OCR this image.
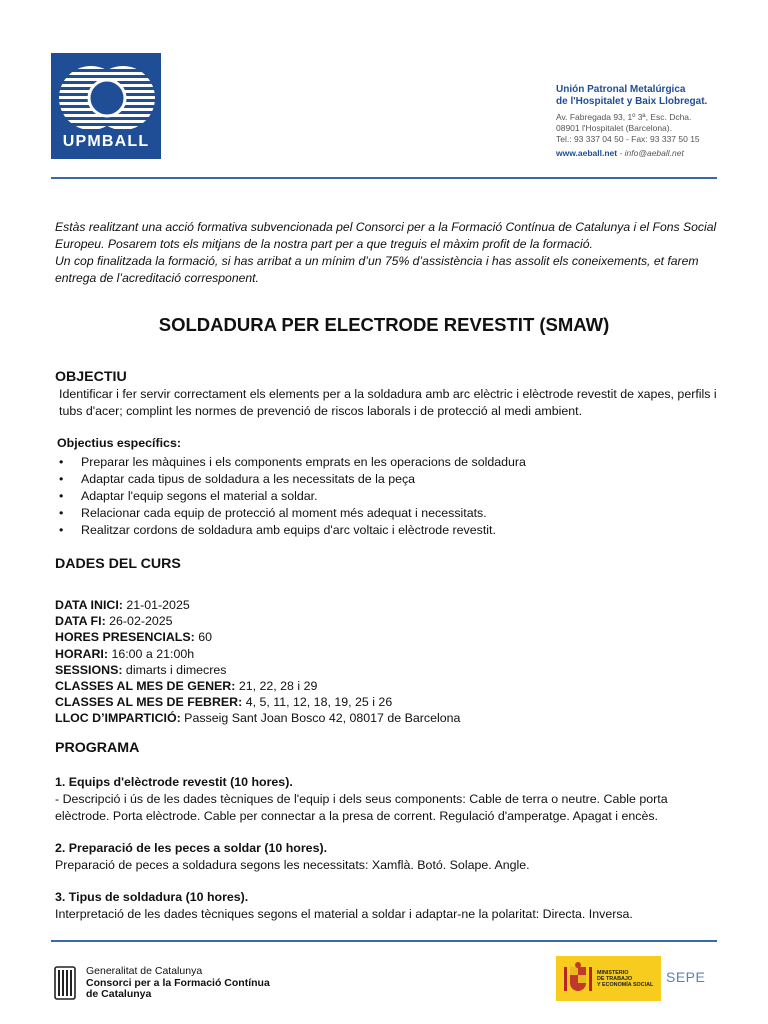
UPMBALL
Unión Patronal Metalúrgica
de l'Hospitalet y Baix Llobregat.
Av. Fabregada 93, 1º 3ª, Esc. Dcha.
08901 l'Hospitalet (Barcelona).
Tel.: 93 337 04 50 - Fax: 93 337 50 15
www.aeball.net - info@aeball.net

Estàs realitzant una acció formativa subvencionada pel Consorci per a la Formació Contínua de Catalunya i el Fons Social Europeu. Posarem tots els mitjans de la nostra part per a que treguis el màxim profit de la formació.

Un cop finalitzada la formació, si has arribat a un mínim d’un 75% d’assistència i has assolit els coneixements, et farem entrega de l’acreditació corresponent.

SOLDADURA PER ELECTRODE REVESTIT (SMAW)
OBJECTIU
Identificar i fer servir correctament els elements per a la soldadura amb arc elèctric i elèctrode revestit de xapes, perfils i tubs d'acer; complint les normes de prevenció de riscos laborals i de protecció al medi ambient.
Objectius específics:
• Preparar les màquines i els components emprats en les operacions de soldadura
• Adaptar cada tipus de soldadura a les necessitats de la peça
• Adaptar l'equip segons el material a soldar.
• Relacionar cada equip de protecció al moment més adequat i necessitats.
• Realitzar cordons de soldadura amb equips d'arc voltaic i elèctrode revestit.
DADES DEL CURS
DATA INICI: 21-01-2025
DATA FI: 26-02-2025
HORES PRESENCIALS: 60
HORARI: 16:00 a 21:00h
SESSIONS: dimarts i dimecres
CLASSES AL MES DE GENER: 21, 22, 28 i 29
CLASSES AL MES DE FEBRER: 4, 5, 11, 12, 18, 19, 25 i 26
LLOC D’IMPARTICIÓ: Passeig Sant Joan Bosco 42, 08017 de Barcelona
PROGRAMA
1. Equips d'elèctrode revestit (10 hores).
- Descripció i ús de les dades tècniques de l'equip i dels seus components: Cable de terra o neutre. Cable porta elèctrode. Porta elèctrode. Cable per connectar a la presa de corrent. Regulació d'amperatge. Apagat i encès.
2. Preparació de les peces a soldar (10 hores).
Preparació de peces a soldadura segons les necessitats: Xamflà. Botó. Solape. Angle.
3. Tipus de soldadura (10 hores).
Interpretació de les dades tècniques segons el material a soldar i adaptar-ne la polaritat: Directa. Inversa.
Generalitat de Catalunya
Consorci per a la Formació Contínua
de Catalunya
MINISTERIO
DE TRABAJO
Y ECONOMÍA SOCIAL
SEPE
